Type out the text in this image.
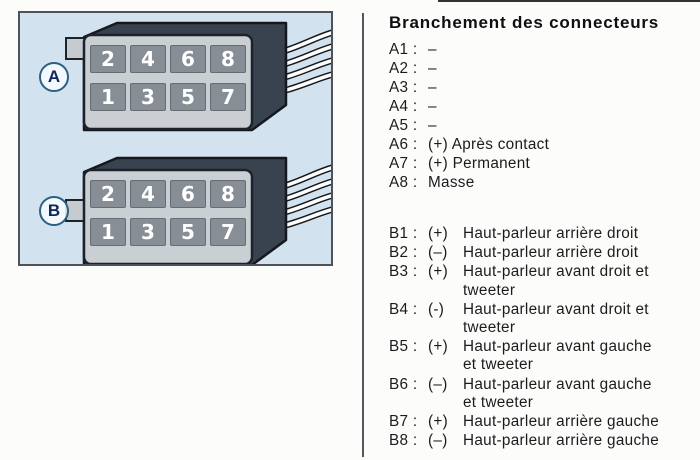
2	4	6	8
1	3	5	7
2	4	6	8
1	3	5	7
A
B
Branchement des connecteurs
A1 : –
A2 : –
A3 : –
A4 : –
A5 : –
A6 : (+) Après contact
A7 : (+) Permanent
A8 : Masse
B1 : (+) Haut-parleur arrière droit
B2 : (–)	Haut-parleur arrière droit
B3 : (+) Haut-parleur avant droit et
tweeter
B4 : (-)	Haut-parleur avant droit et
tweeter
B5 : (+) Haut-parleur avant gauche
et tweeter
B6 : (–)	Haut-parleur avant gauche
et tweeter
B7 : (+) Haut-parleur arrière gauche
B8 : (–)	Haut-parleur arrière gauche
